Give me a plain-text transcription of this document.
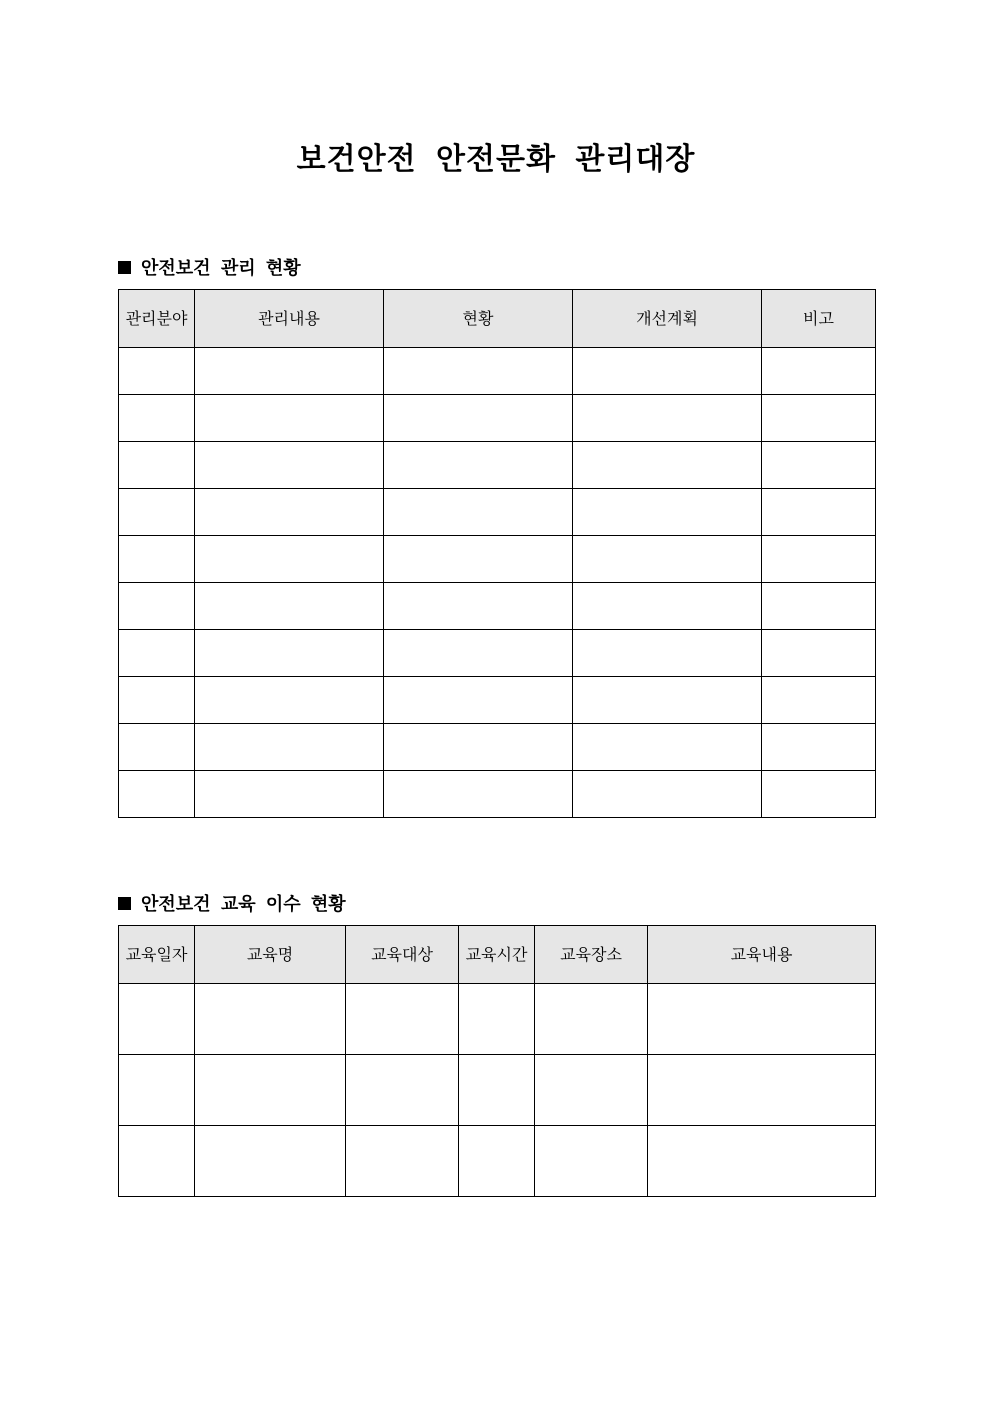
보건안전 안전문화 관리대장
안전보건 관리 현황
관리분야	관리내용	현황	개선계획	비고

안전보건 교육 이수 현황
교육일자	교육명	교육대상	교육시간	교육장소	교육내용
